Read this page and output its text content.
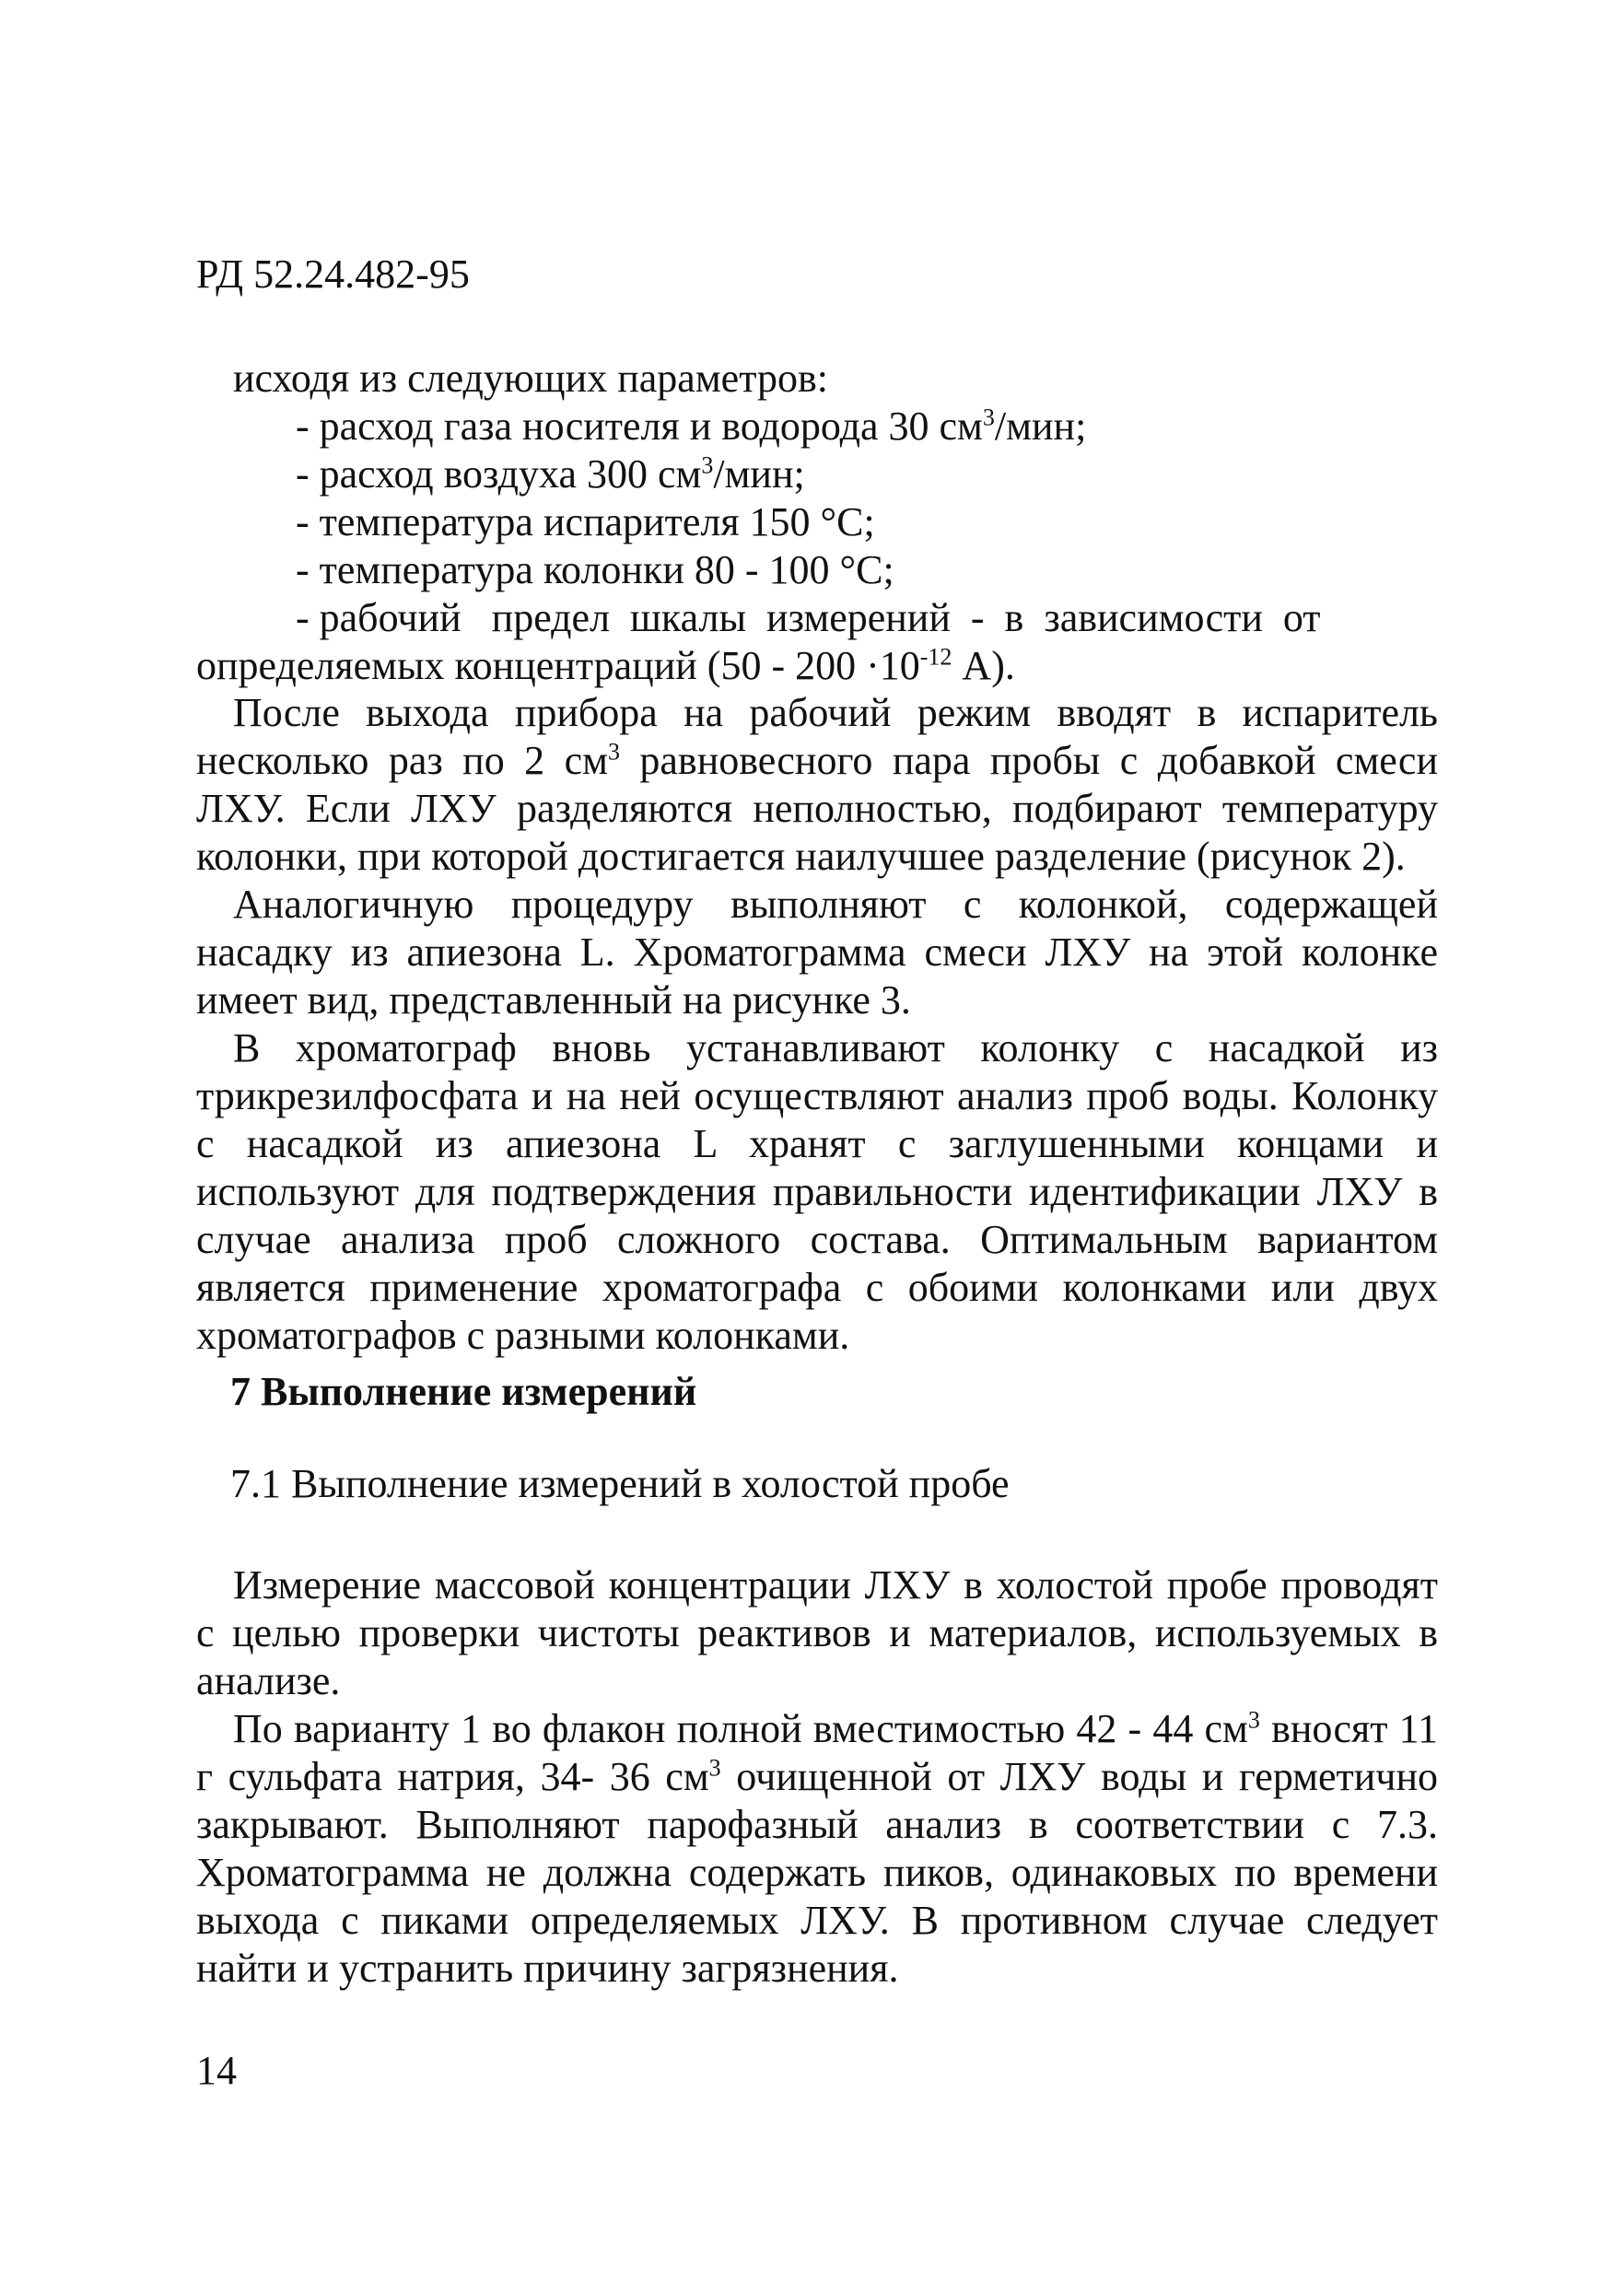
РД 52.24.482-95

исходя из следующих параметров:

- расход газа носителя и водорода 30 $см^3$/мин;

- расход воздуха 300 $см^3$/мин;

- температура испарителя 150 °С;

- температура колонки 80 - 100 °С;

- рабочий   предел  шкалы  измерений  -  в  зависимости  от

определяемых концентраций ($50 - 200 \cdot 10^{-12}$ А).

После выхода прибора на рабочий режим вводят в испаритель несколько раз по 2 $см^3$ равновесного пара пробы с добавкой смеси ЛХУ. Если ЛХУ разделяются неполностью, подбирают температуру колонки, при которой достигается наилучшее разделение (рисунок 2).

Аналогичную процедуру выполняют с колонкой, содержащей насадку из апиезона L. Хроматограмма смеси ЛХУ на этой колонке имеет вид, представленный на рисунке 3.

В хроматограф вновь устанавливают колонку с насадкой из трикрезилфосфата и на ней осуществляют анализ проб воды. Колонку с насадкой из апиезона L хранят с заглушенными концами и используют для подтверждения правильности идентификации ЛХУ в случае анализа проб сложного состава. Оптимальным вариантом является применение хроматографа с обоими колонками или двух хроматографов с разными колонками.

7 Выполнение измерений
7.1 Выполнение измерений в холостой пробе

Измерение массовой концентрации ЛХУ в холостой пробе проводят с целью проверки чистоты реактивов и материалов, используемых в анализе.

По варианту 1 во флакон полной вместимостью 42 - 44 $см^3$ вносят 11 г сульфата натрия, 34- 36 $см^3$ очищенной от ЛХУ воды и герметично закрывают. Выполняют парофазный анализ в соответствии с 7.3. Хроматограмма не должна содержать пиков, одинаковых по времени выхода с пиками определяемых ЛХУ. В противном случае следует найти и устранить причину загрязнения.

14
